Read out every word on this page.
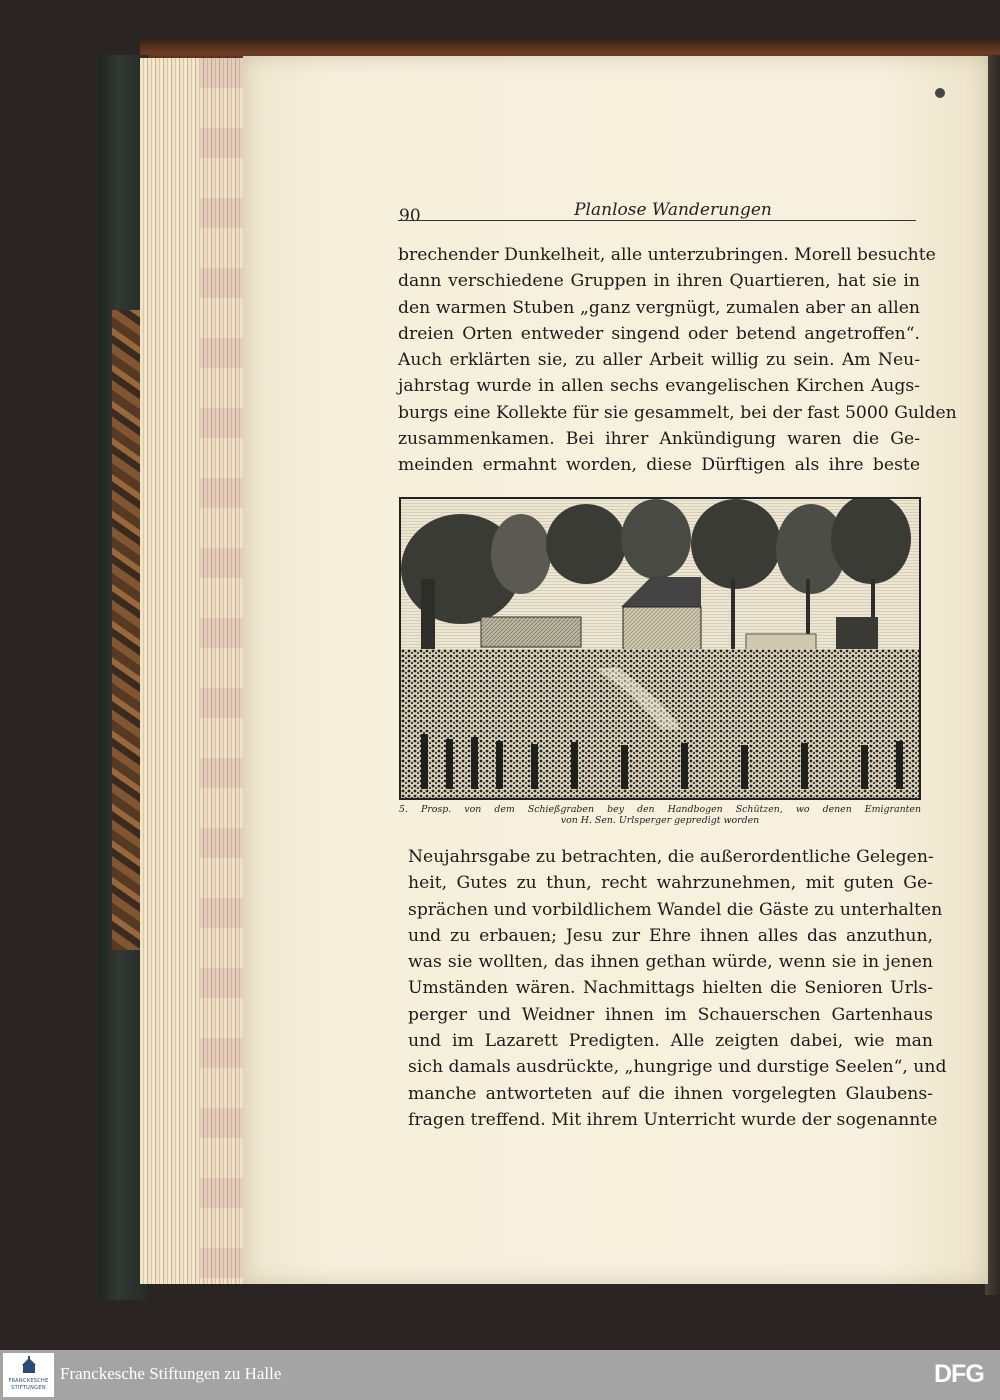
90	Planlose Wanderungen
brechender Dunkelheit, alle unterzubringen. Morell besuchte
dann verschiedene Gruppen in ihren Quartieren, hat sie in
den warmen Stuben „ganz vergnügt, zumalen aber an allen
dreien Orten entweder singend oder betend angetroffen“.
Auch erklärten sie, zu aller Arbeit willig zu sein. Am Neu-
jahrstag wurde in allen sechs evangelischen Kirchen Augs-
burgs eine Kollekte für sie gesammelt, bei der fast 5000 Gulden
zusammenkamen. Bei ihrer Ankündigung waren die Ge-
meinden ermahnt worden, diese Dürftigen als ihre beste
5. Prosp. von dem Schießgraben bey den Handbogen Schützen, wo denen Emigranten
von H. Sen. Urlsperger gepredigt worden
Neujahrsgabe zu betrachten, die außerordentliche Gelegen-
heit, Gutes zu thun, recht wahrzunehmen, mit guten Ge-
sprächen und vorbildlichem Wandel die Gäste zu unterhalten
und zu erbauen; Jesu zur Ehre ihnen alles das anzuthun,
was sie wollten, das ihnen gethan würde, wenn sie in jenen
Umständen wären. Nachmittags hielten die Senioren Urls-
perger und Weidner ihnen im Schauerschen Gartenhaus
und im Lazarett Predigten. Alle zeigten dabei, wie man
sich damals ausdrückte, „hungrige und durstige Seelen“, und
manche antworteten auf die ihnen vorgelegten Glaubens-
fragen treffend. Mit ihrem Unterricht wurde der sogenannte
FRANCKESCHE
STIFTUNGEN
Franckesche Stiftungen zu Halle	DFG
